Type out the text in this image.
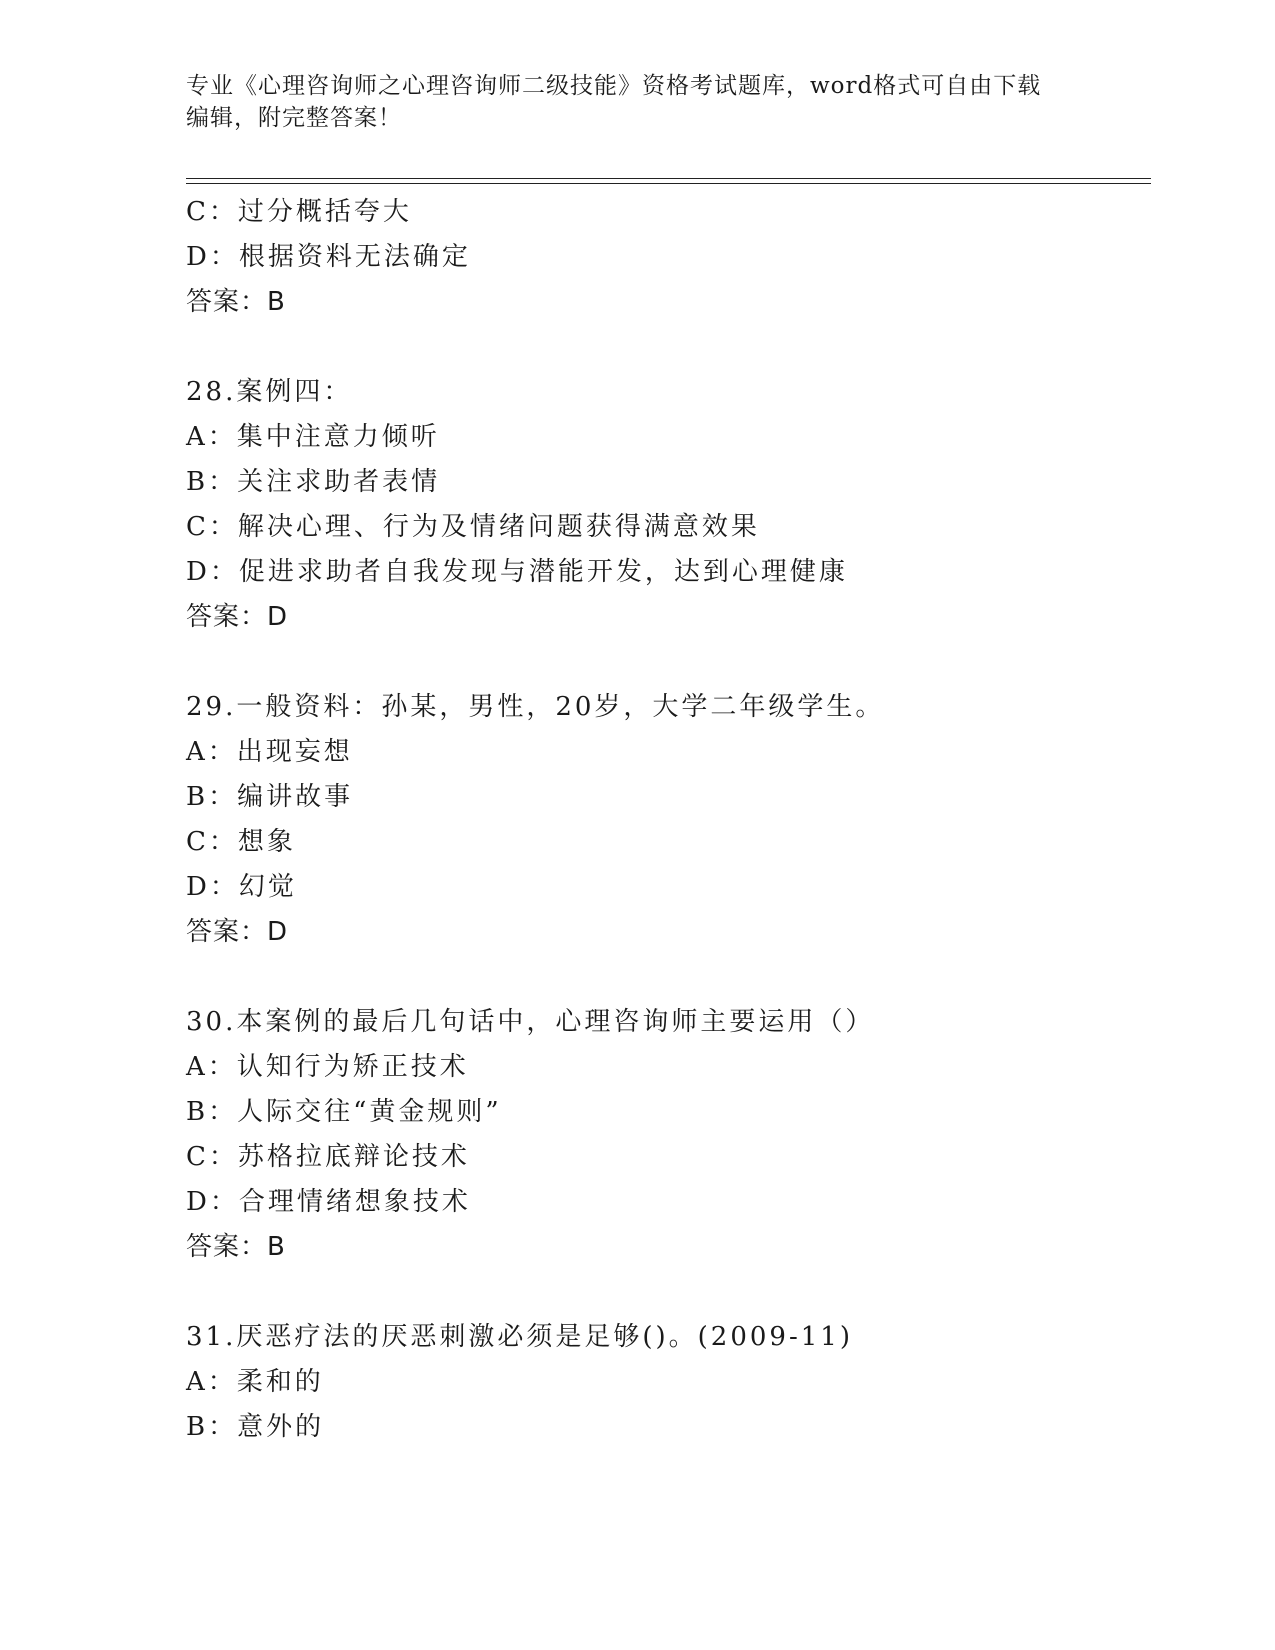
专业《心理咨询师之心理咨询师二级技能》资格考试题库，word格式可自由下载
编辑，附完整答案！
C：过分概括夸大
D：根据资料无法确定
答案：B
28.案例四：
A：集中注意力倾听
B：关注求助者表情
C：解决心理、行为及情绪问题获得满意效果
D：促进求助者自我发现与潜能开发，达到心理健康
答案：D
29.一般资料：孙某，男性，20岁，大学二年级学生。
A：出现妄想
B：编讲故事
C：想象
D：幻觉
答案：D
30.本案例的最后几句话中，心理咨询师主要运用（）
A：认知行为矫正技术
B：人际交往“黄金规则”
C：苏格拉底辩论技术
D：合理情绪想象技术
答案：B
31.厌恶疗法的厌恶刺激必须是足够()。(2009-11)
A：柔和的
B：意外的
